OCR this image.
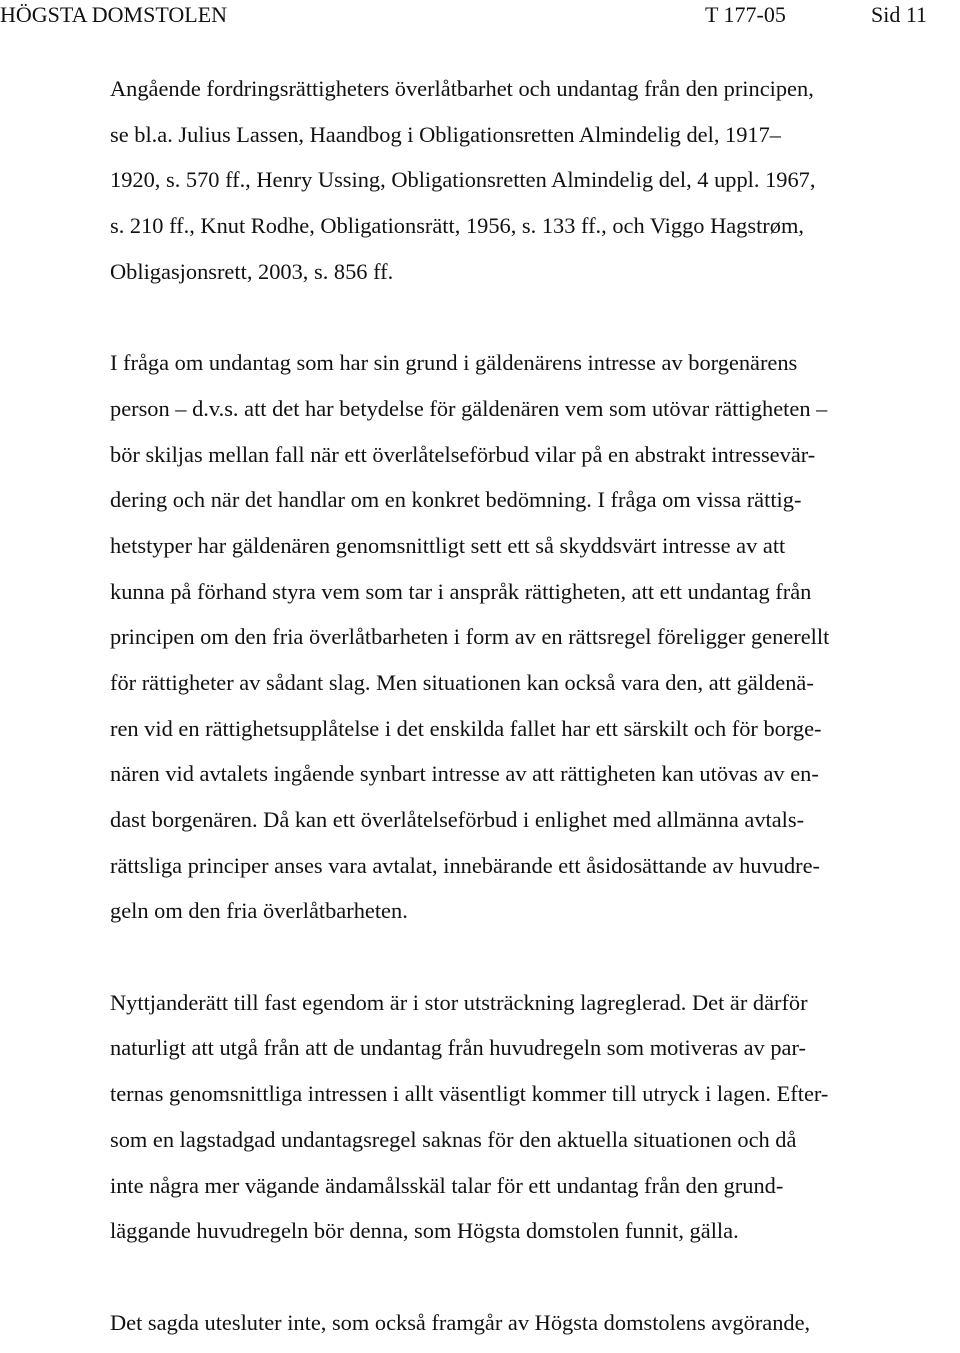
HÖGSTA DOMSTOLEN	T 177-05	Sid 11
Angående fordringsrättigheters överlåtbarhet och undantag från den principen,
se bl.a. Julius Lassen, Haandbog i Obligationsretten Almindelig del, 1917–
1920, s. 570 ff., Henry Ussing, Obligationsretten Almindelig del, 4 uppl. 1967,
s. 210 ff., Knut Rodhe, Obligationsrätt, 1956, s. 133 ff., och Viggo Hagstrøm,
Obligasjonsrett, 2003, s. 856 ff.
I fråga om undantag som har sin grund i gäldenärens intresse av borgenärens
person – d.v.s. att det har betydelse för gäldenären vem som utövar rättigheten –
bör skiljas mellan fall när ett överlåtelseförbud vilar på en abstrakt intressevär-
dering och när det handlar om en konkret bedömning. I fråga om vissa rättig-
hetstyper har gäldenären genomsnittligt sett ett så skyddsvärt intresse av att
kunna på förhand styra vem som tar i anspråk rättigheten, att ett undantag från
principen om den fria överlåtbarheten i form av en rättsregel föreligger generellt
för rättigheter av sådant slag. Men situationen kan också vara den, att gäldenä-
ren vid en rättighetsupplåtelse i det enskilda fallet har ett särskilt och för borge-
nären vid avtalets ingående synbart intresse av att rättigheten kan utövas av en-
dast borgenären. Då kan ett överlåtelseförbud i enlighet med allmänna avtals-
rättsliga principer anses vara avtalat, innebärande ett åsidosättande av huvudre-
geln om den fria överlåtbarheten.
Nyttjanderätt till fast egendom är i stor utsträckning lagreglerad. Det är därför
naturligt att utgå från att de undantag från huvudregeln som motiveras av par-
ternas genomsnittliga intressen i allt väsentligt kommer till utryck i lagen. Efter-
som en lagstadgad undantagsregel saknas för den aktuella situationen och då
inte några mer vägande ändamålsskäl talar för ett undantag från den grund-
läggande huvudregeln bör denna, som Högsta domstolen funnit, gälla.
Det sagda utesluter inte, som också framgår av Högsta domstolens avgörande,
